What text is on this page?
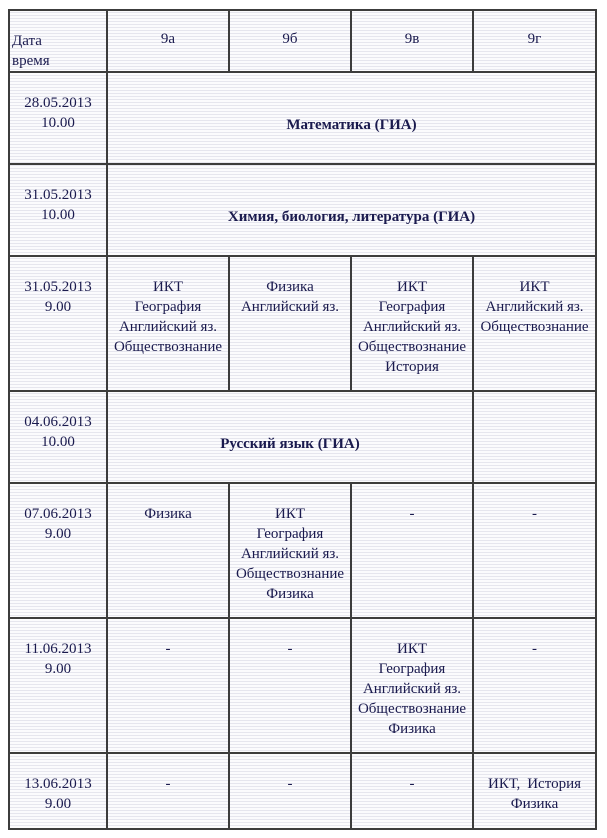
Дата
время	9а	9б	9в	9г

28.05.2013
10.00	Математика (ГИА)			

31.05.2013
10.00	Химия, биология, литература (ГИА)			

31.05.2013
9.00	ИКТ
География
Английский яз.
Обществознание	Физика
Английский яз.	ИКТ
География
Английский яз.
Обществознание
История	ИКТ
Английский яз.
Обществознание

04.06.2013
10.00	Русский язык (ГИА)			

07.06.2013
9.00	Физика	ИКТ
География
Английский яз.
Обществознание
Физика	-	-

11.06.2013
9.00	-	-	ИКТ
География
Английский яз.
Обществознание
Физика	-

13.06.2013
9.00	-	-	-	ИКТ, История
Физика
